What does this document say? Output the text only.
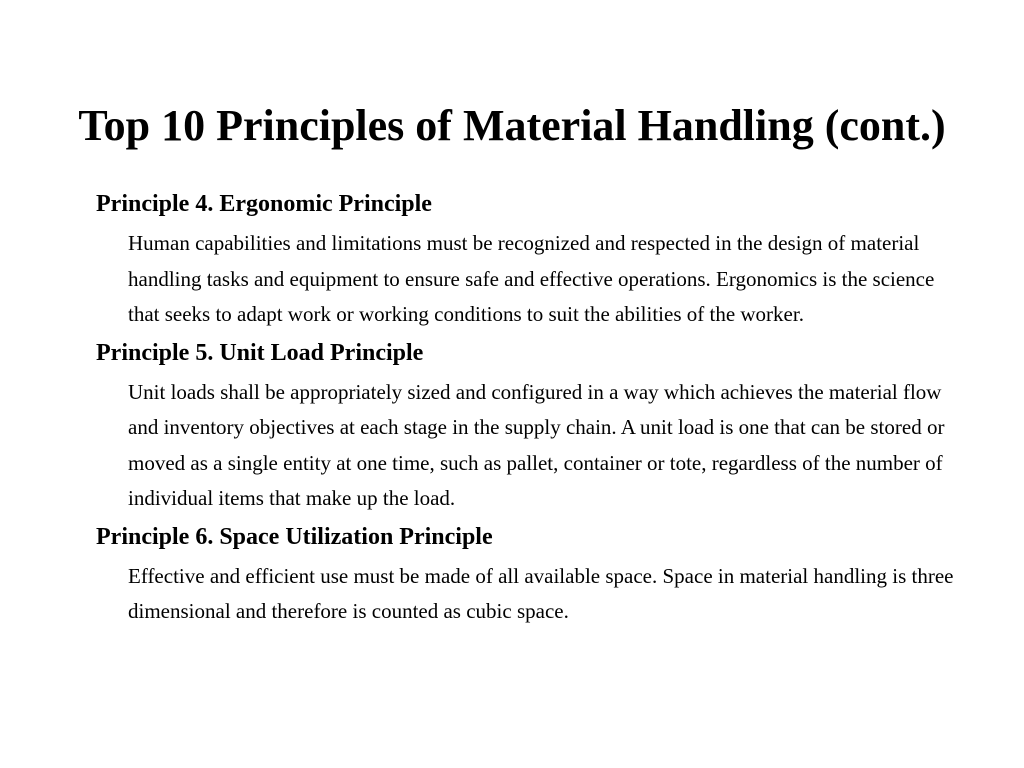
Top 10 Principles of Material Handling (cont.)
Principle 4. Ergonomic Principle
Human capabilities and limitations must be recognized and respected in the design of material handling tasks and equipment to ensure safe and effective operations. Ergonomics is the science that seeks to adapt work or working conditions to suit the abilities of the worker.
Principle 5. Unit Load Principle
Unit loads shall be appropriately sized and configured in a way which achieves the material flow and inventory objectives at each stage in the supply chain. A unit load is one that can be stored or moved as a single entity at one time, such as pallet, container or tote, regardless of the number of individual items that make up the load.
Principle 6. Space Utilization Principle
Effective and efficient use must be made of all available space. Space in material handling is three dimensional and therefore is counted as cubic space.
